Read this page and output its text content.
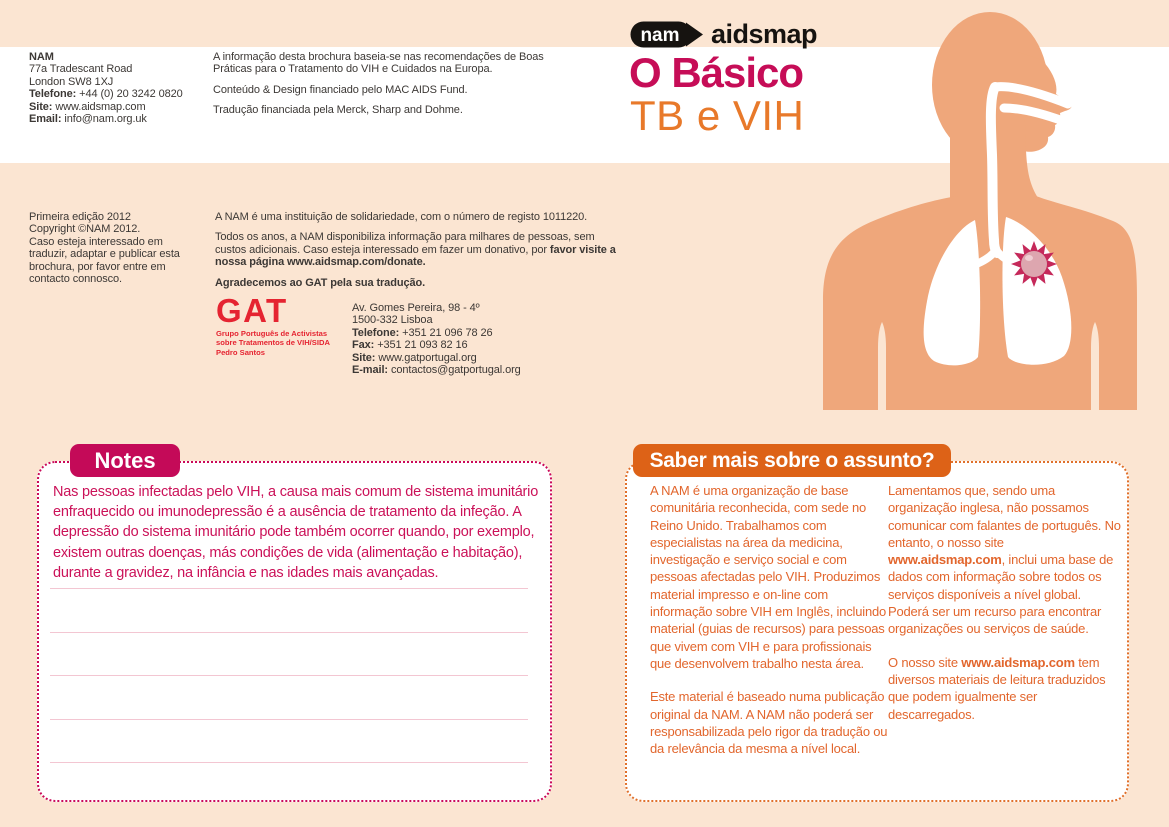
nam aidsmap
O Básico
TB e VIH
NAM
77a Tradescant Road
London SW8 1XJ
Telefone: +44 (0) 20 3242 0820
Site: www.aidsmap.com
Email: info@nam.org.uk

A informação desta brochura baseia-se nas recomendações de Boas Práticas para o Tratamento do VIH e Cuidados na Europa.

Conteúdo & Design financiado pelo MAC AIDS Fund.

Tradução financiada pela Merck, Sharp and Dohme.

Primeira edição 2012
Copyright ©NAM 2012.
Caso esteja interessado em
traduzir, adaptar e publicar esta
brochura, por favor entre em
contacto connosco.

A NAM é uma instituição de solidariedade, com o número de registo 1011220.

Todos os anos, a NAM disponibiliza informação para milhares de pessoas, sem custos adicionais. Caso esteja interessado em fazer um donativo, por favor visite a nossa página www.aidsmap.com/donate.

Agradecemos ao GAT pela sua tradução.

GAT
Grupo Português de Activistas
sobre Tratamentos de VIH/SIDA
Pedro Santos
Av. Gomes Pereira, 98 - 4º
1500-332 Lisboa
Telefone: +351 21 096 78 26
Fax: +351 21 093 82 16
Site: www.gatportugal.org
E-mail: contactos@gatportugal.org
Notes
Nas pessoas infectadas pelo VIH, a causa mais comum de sistema imunitário enfraquecido ou imunodepressão é a ausência de tratamento da infeção. A depressão do sistema imunitário pode também ocorrer quando, por exemplo, existem outras doenças, más condições de vida (alimentação e habitação), durante a gravidez, na infância e nas idades mais avançadas.
Saber mais sobre o assunto?

A NAM é uma organização de base comunitária reconhecida, com sede no Reino Unido. Trabalhamos com especialistas na área da medicina, investigação e serviço social e com pessoas afectadas pelo VIH. Produzimos material impresso e on-line com informação sobre VIH em Inglês, incluindo material (guias de recursos) para pessoas que vivem com VIH e para profissionais que desenvolvem trabalho nesta área.

Este material é baseado numa publicação original da NAM. A NAM não poderá ser responsabilizada pelo rigor da tradução ou da relevância da mesma a nível local.

Lamentamos que, sendo uma organização inglesa, não possamos comunicar com falantes de português. No entanto, o nosso site www.aidsmap.com, inclui uma base de dados com informação sobre todos os serviços disponíveis a nível global. Poderá ser um recurso para encontrar organizações ou serviços de saúde.

O nosso site www.aidsmap.com tem diversos materiais de leitura traduzidos que podem igualmente ser descarregados.
